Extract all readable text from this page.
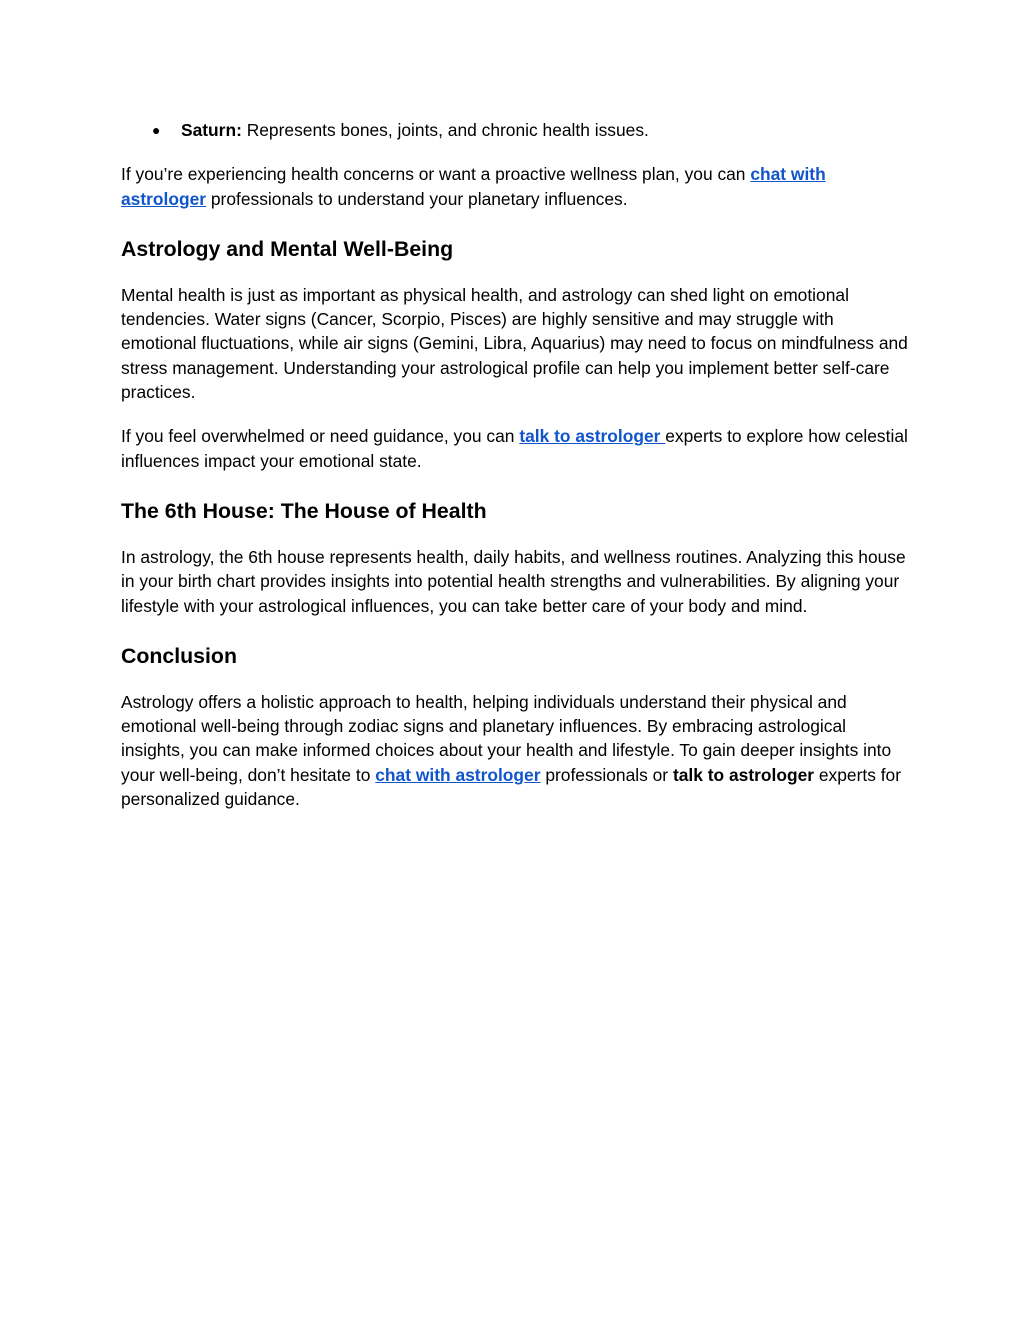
● Saturn: Represents bones, joints, and chronic health issues.

If you’re experiencing health concerns or want a proactive wellness plan, you can chat with astrologer professionals to understand your planetary influences.

Astrology and Mental Well-Being

Mental health is just as important as physical health, and astrology can shed light on emotional tendencies. Water signs (Cancer, Scorpio, Pisces) are highly sensitive and may struggle with emotional fluctuations, while air signs (Gemini, Libra, Aquarius) may need to focus on mindfulness and stress management. Understanding your astrological profile can help you implement better self-care practices.

If you feel overwhelmed or need guidance, you can talk to astrologer experts to explore how celestial influences impact your emotional state.

The 6th House: The House of Health

In astrology, the 6th house represents health, daily habits, and wellness routines. Analyzing this house in your birth chart provides insights into potential health strengths and vulnerabilities. By aligning your lifestyle with your astrological influences, you can take better care of your body and mind.

Conclusion

Astrology offers a holistic approach to health, helping individuals understand their physical and emotional well-being through zodiac signs and planetary influences. By embracing astrological insights, you can make informed choices about your health and lifestyle. To gain deeper insights into your well-being, don’t hesitate to chat with astrologer professionals or talk to astrologer experts for personalized guidance.
